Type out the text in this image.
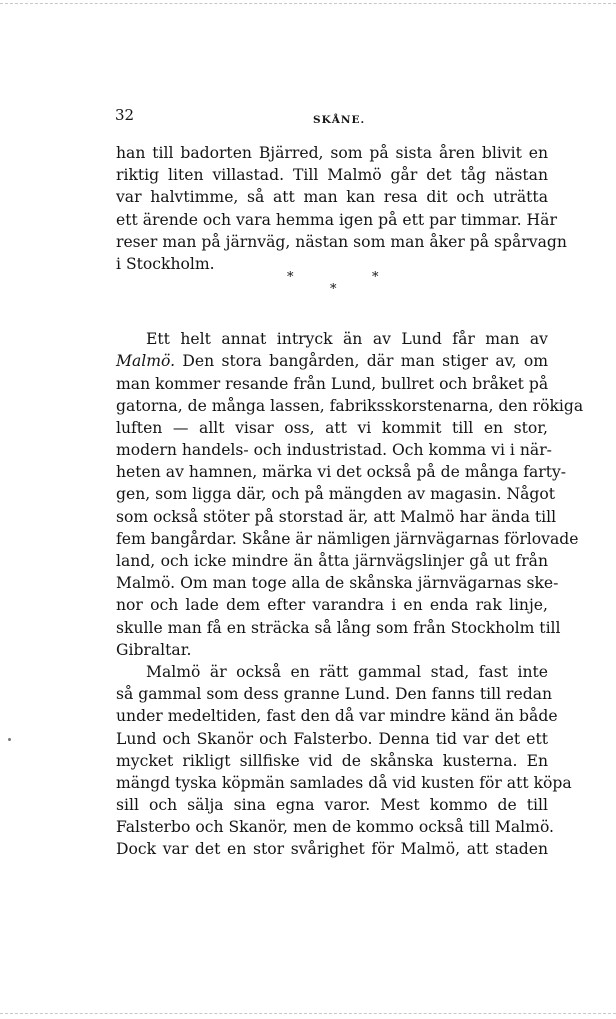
32	SKÅNE.
han till badorten Bjärred, som på sista åren blivit en
riktig liten villastad. Till Malmö går det tåg nästan
var halvtimme, så att man kan resa dit och uträtta
ett ärende och vara hemma igen på ett par timmar. Här
reser man på järnväg, nästan som man åker på spårvagn
i Stockholm.
Ett helt annat intryck än av Lund får man av
Malmö. Den stora bangården, där man stiger av, om
man kommer resande från Lund, bullret och bråket på
gatorna, de många lassen, fabriksskorstenarna, den rökiga
luften — allt visar oss, att vi kommit till en stor,
modern handels- och industristad. Och komma vi i när-
heten av hamnen, märka vi det också på de många farty-
gen, som ligga där, och på mängden av magasin. Något
som också stöter på storstad är, att Malmö har ända till
fem bangårdar. Skåne är nämligen järnvägarnas förlovade
land, och icke mindre än åtta järnvägslinjer gå ut från
Malmö. Om man toge alla de skånska järnvägarnas ske-
nor och lade dem efter varandra i en enda rak linje,
skulle man få en sträcka så lång som från Stockholm till
Gibraltar.
Malmö är också en rätt gammal stad, fast inte
så gammal som dess granne Lund. Den fanns till redan
under medeltiden, fast den då var mindre känd än både
Lund och Skanör och Falsterbo. Denna tid var det ett
mycket rikligt sillfiske vid de skånska kusterna. En
mängd tyska köpmän samlades då vid kusten för att köpa
sill och sälja sina egna varor. Mest kommo de till
Falsterbo och Skanör, men de kommo också till Malmö.
Dock var det en stor svårighet för Malmö, att staden
*	*
*
